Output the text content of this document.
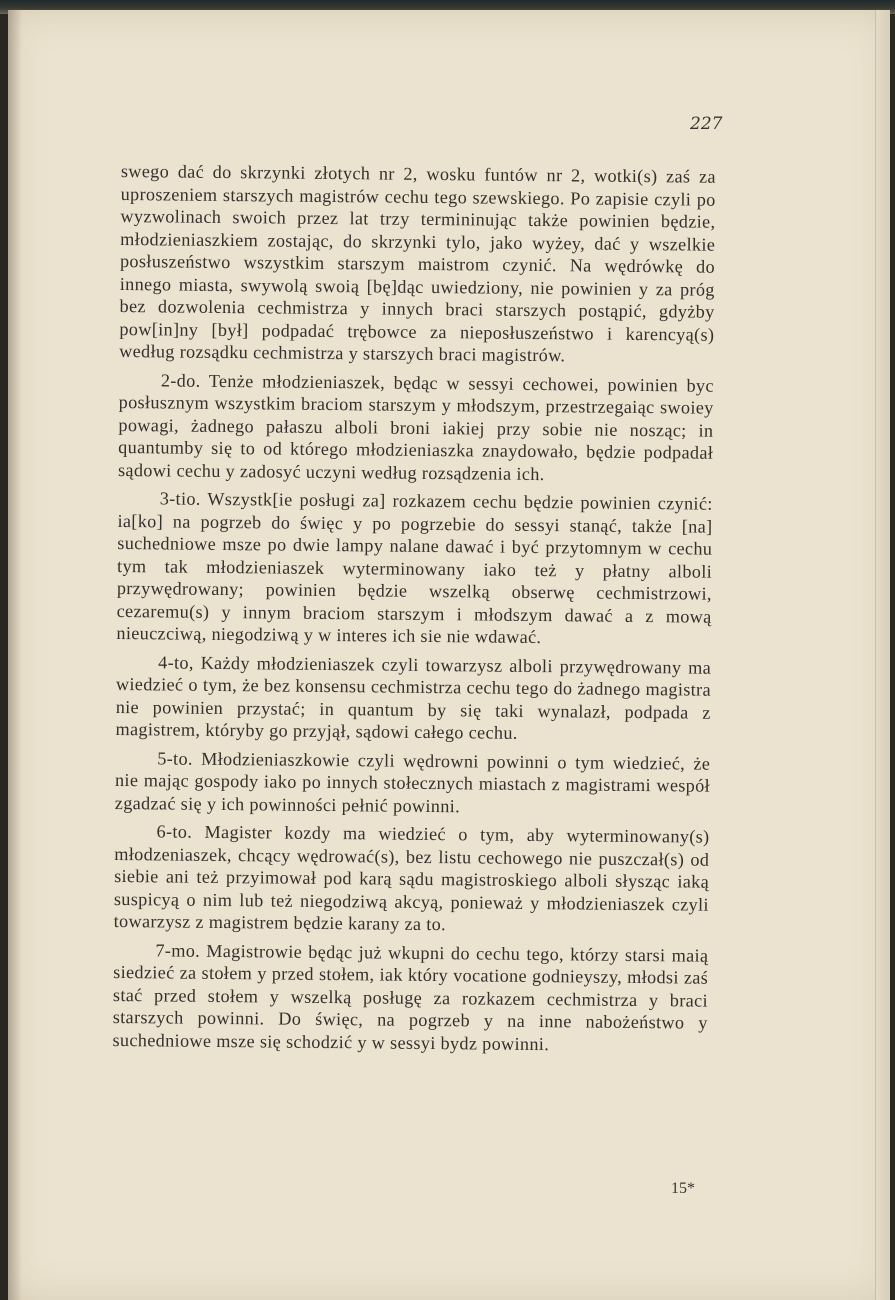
227

swego dać do skrzynki złotych nr 2, wosku funtów nr 2, wotki(s) zaś za uproszeniem starszych magistrów cechu tego szewskiego. Po zapisie czyli po wyzwolinach swoich przez lat trzy termininując także powinien będzie, młodzieniaszkiem zostając, do skrzynki tylo, jako wyżey, dać y wszelkie posłuszeństwo wszystkim starszym maistrom czynić. Na wędrówkę do innego miasta, swywolą swoią [bę]dąc uwiedziony, nie powinien y za próg bez dozwolenia cechmistrza y innych braci starszych postąpić, gdyżby pow[in]ny [był] podpadać trębowce za nieposłuszeństwo i karencyą(s) według rozsądku cechmistrza y starszych braci magistrów.

2-do. Tenże młodzieniaszek, będąc w sessyi cechowei, powinien byc posłusznym wszystkim braciom starszym y młodszym, przestrzegaiąc swoiey powagi, żadnego pałaszu alboli broni iakiej przy sobie nie nosząc; in quantumby się to od którego młodzieniaszka znaydowało, będzie podpadał sądowi cechu y zadosyć uczyni według rozsądzenia ich.

3-tio. Wszystk[ie posługi za] rozkazem cechu będzie powinien czynić: ia[ko] na pogrzeb do święc y po pogrzebie do sessyi stanąć, także [na] suchedniowe msze po dwie lampy nalane dawać i być przytomnym w cechu tym tak młodzieniaszek wyterminowany iako też y płatny alboli przywędrowany; powinien będzie wszelką obserwę cechmistrzowi, cezaremu(s) y innym braciom starszym i młodszym dawać a z mową nieuczciwą, niegodziwą y w interes ich sie nie wdawać.

4-to, Każdy młodzieniaszek czyli towarzysz alboli przywędrowany ma wiedzieć o tym, że bez konsensu cechmistrza cechu tego do żadnego magistra nie powinien przystać; in quantum by się taki wynalazł, podpada z magistrem, któryby go przyjął, sądowi całego cechu.

5-to. Młodzieniaszkowie czyli wędrowni powinni o tym wiedzieć, że nie mając gospody iako po innych stołecznych miastach z magistrami wespół zgadzać się y ich powinności pełnić powinni.

6-to. Magister kozdy ma wiedzieć o tym, aby wyterminowany(s) młodzeniaszek, chcący wędrować(s), bez listu cechowego nie puszczał(s) od siebie ani też przyimował pod karą sądu magistroskiego alboli słysząc iaką suspicyą o nim lub też niegodziwą akcyą, ponieważ y młodzieniaszek czyli towarzysz z magistrem będzie karany za to.

7-mo. Magistrowie będąc już wkupni do cechu tego, którzy starsi maią siedzieć za stołem y przed stołem, iak który vocatione godnieyszy, młodsi zaś stać przed stołem y wszelką posługę za rozkazem cechmistrza y braci starszych powinni. Do święc, na pogrzeb y na inne nabożeństwo y suchedniowe msze się schodzić y w sessyi bydz powinni.

15*
